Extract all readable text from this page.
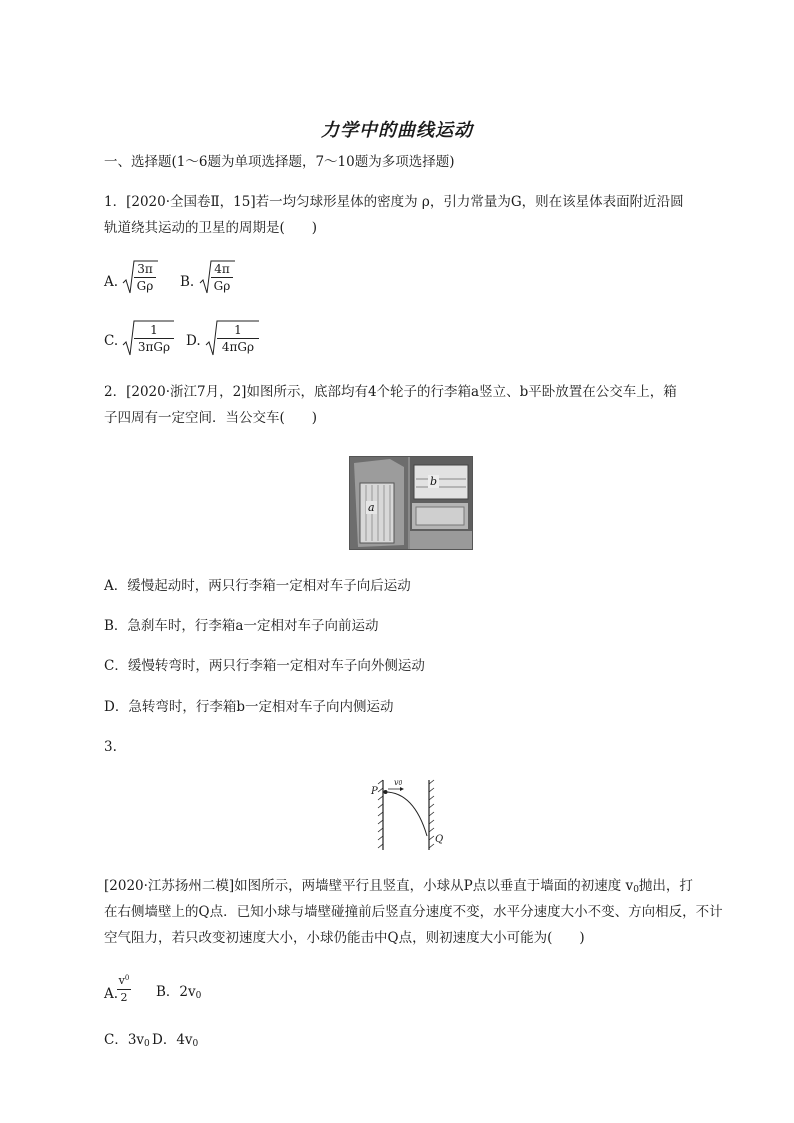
力学中的曲线运动
一、选择题(1～6题为单项选择题，7～10题为多项选择题)
1．[2020·全国卷Ⅱ，15]若一均匀球形星体的密度为 ρ，引力常量为G，则在该星体表面附近沿圆
轨道绕其运动的卫星的周期是(　　)
A.
3π
Gρ B.
4π
Gρ
C.
1
3πGρ D.
1
4πGρ
2．[2020·浙江7月，2]如图所示，底部均有4个轮子的行李箱a竖立、b平卧放置在公交车上，箱
子四周有一定空间．当公交车(　　)
a
b
A．缓慢起动时，两只行李箱一定相对车子向后运动
B．急刹车时，行李箱a一定相对车子向前运动
C．缓慢转弯时，两只行李箱一定相对车子向外侧运动
D．急转弯时，行李箱b一定相对车子向内侧运动
3.
P
Q
v0
[2020·江苏扬州二模]如图所示，两墙壁平行且竖直，小球从P点以垂直于墙面的初速度 $v_0$抛出，打
在右侧墙壁上的Q点．已知小球与墙壁碰撞前后竖直分速度不变，水平分速度大小不变、方向相反，不计
空气阻力，若只改变初速度大小，小球仍能击中Q点，则初速度大小可能为(　　)
A.
$v^0$
2 B．$2v_0$
C．$3v_0$ D．$4v_0$
